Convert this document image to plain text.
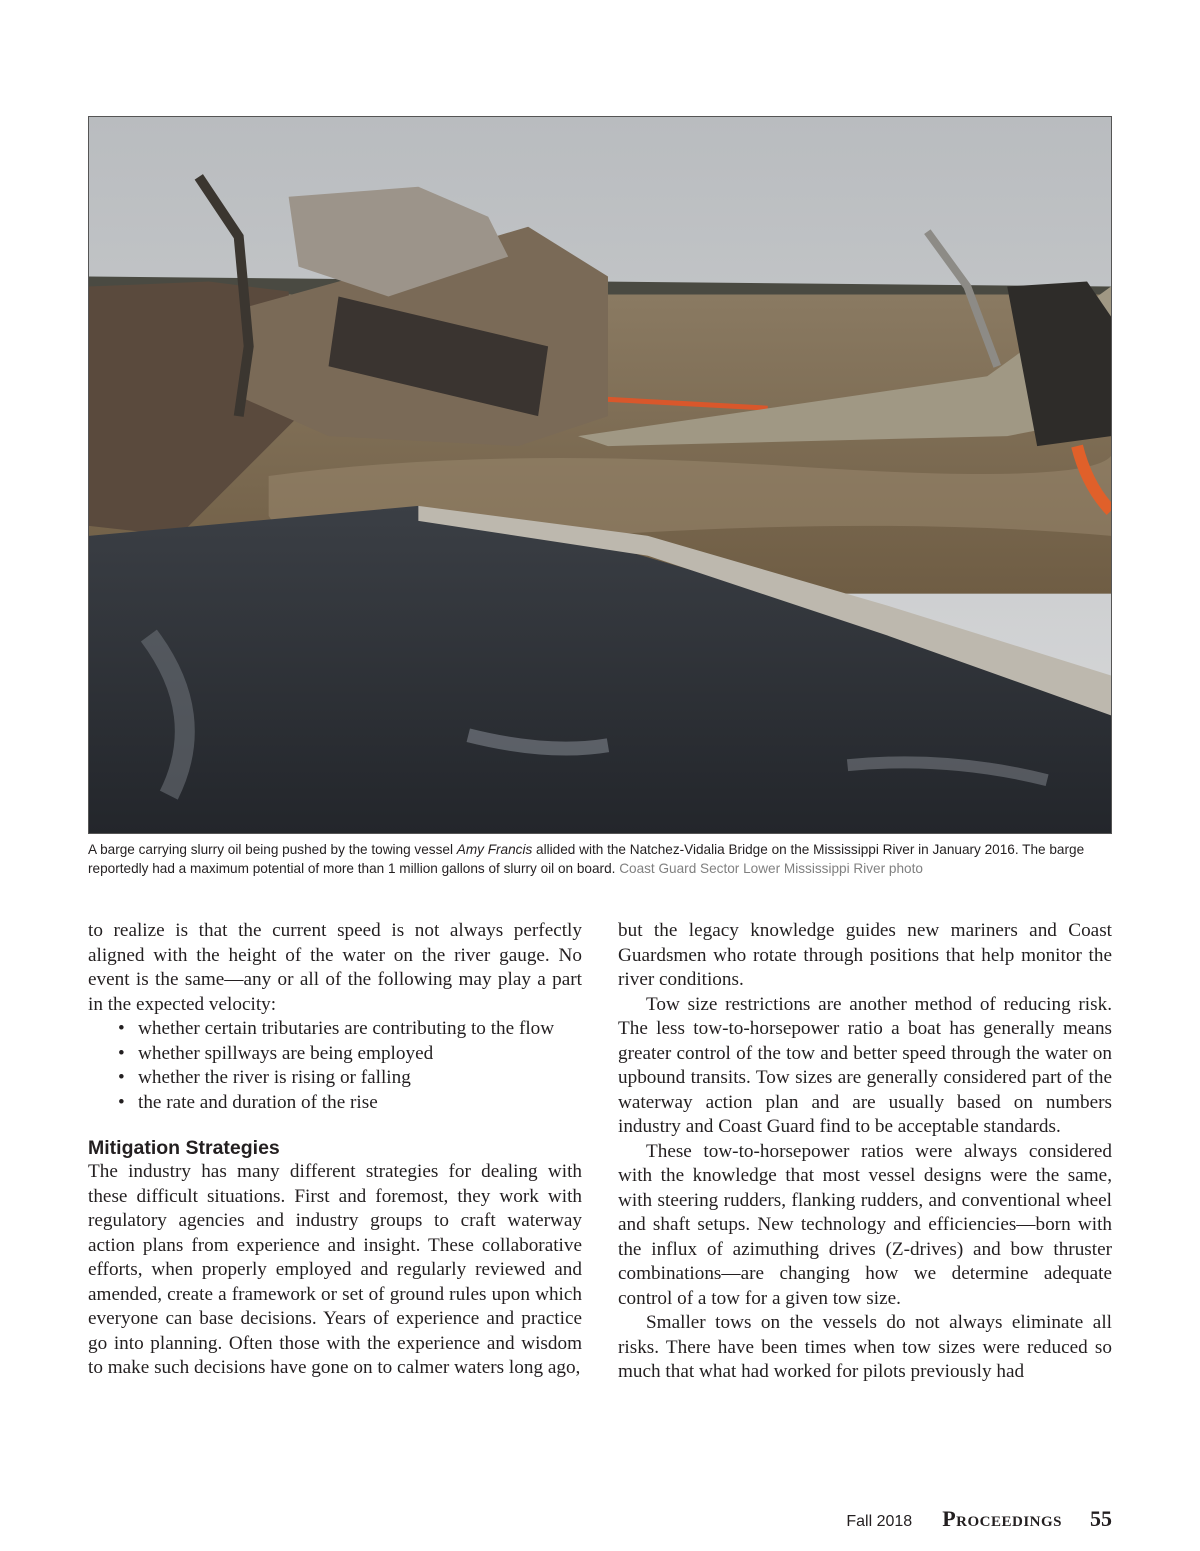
A barge carrying slurry oil being pushed by the towing vessel Amy Francis allided with the Natchez-Vidalia Bridge on the Mississippi River in January 2016. The barge reportedly had a maximum potential of more than 1 million gallons of slurry oil on board. Coast Guard Sector Lower Mississippi River photo

to realize is that the current speed is not always perfectly aligned with the height of the water on the river gauge. No event is the same—any or all of the following may play a part in the expected velocity:

• whether certain tributaries are contributing to the flow
• whether spillways are being employed
• whether the river is rising or falling
• the rate and duration of the rise
Mitigation Strategies

The industry has many different strategies for dealing with these difficult situations. First and foremost, they work with regulatory agencies and industry groups to craft waterway action plans from experience and insight. These collaborative efforts, when properly employed and regularly reviewed and amended, create a framework or set of ground rules upon which everyone can base decisions. Years of experience and practice go into planning. Often those with the experience and wisdom to make such decisions have gone on to calmer waters long ago,

but the legacy knowledge guides new mariners and Coast Guardsmen who rotate through positions that help monitor the river conditions.

Tow size restrictions are another method of reducing risk. The less tow-to-horsepower ratio a boat has generally means greater control of the tow and better speed through the water on upbound transits. Tow sizes are generally considered part of the waterway action plan and are usually based on numbers industry and Coast Guard find to be acceptable standards.

These tow-to-horsepower ratios were always considered with the knowledge that most vessel designs were the same, with steering rudders, flanking rudders, and conventional wheel and shaft setups. New technology and efficiencies—born with the influx of azimuthing drives (Z-drives) and bow thruster combinations—are changing how we determine adequate control of a tow for a given tow size.

Smaller tows on the vessels do not always eliminate all risks. There have been times when tow sizes were reduced so much that what had worked for pilots previously had

Fall 2018 Proceedings 55
